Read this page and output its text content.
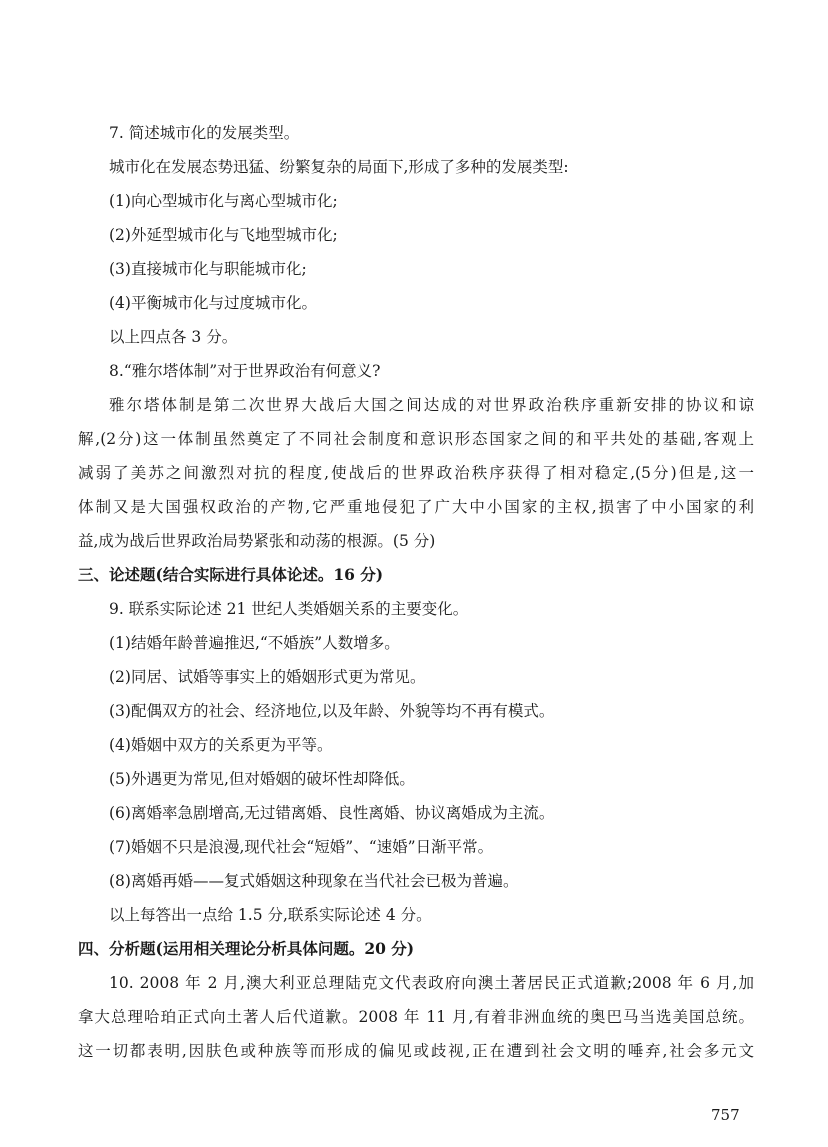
7. 简述城市化的发展类型。
城市化在发展态势迅猛、纷繁复杂的局面下,形成了多种的发展类型:
(1)向心型城市化与离心型城市化;
(2)外延型城市化与飞地型城市化;
(3)直接城市化与职能城市化;
(4)平衡城市化与过度城市化。
以上四点各 3 分。
8.“雅尔塔体制”对于世界政治有何意义?
雅尔塔体制是第二次世界大战后大国之间达成的对世界政治秩序重新安排的协议和谅
解,(2分)这一体制虽然奠定了不同社会制度和意识形态国家之间的和平共处的基础,客观上
减弱了美苏之间激烈对抗的程度,使战后的世界政治秩序获得了相对稳定,(5分)但是,这一
体制又是大国强权政治的产物,它严重地侵犯了广大中小国家的主权,损害了中小国家的利
益,成为战后世界政治局势紧张和动荡的根源。(5 分)
三、论述题(结合实际进行具体论述。16 分)
9. 联系实际论述 21 世纪人类婚姻关系的主要变化。
(1)结婚年龄普遍推迟,“不婚族”人数增多。
(2)同居、试婚等事实上的婚姻形式更为常见。
(3)配偶双方的社会、经济地位,以及年龄、外貌等均不再有模式。
(4)婚姻中双方的关系更为平等。
(5)外遇更为常见,但对婚姻的破坏性却降低。
(6)离婚率急剧增高,无过错离婚、良性离婚、协议离婚成为主流。
(7)婚姻不只是浪漫,现代社会“短婚”、“速婚”日渐平常。
(8)离婚再婚——复式婚姻这种现象在当代社会已极为普遍。
以上每答出一点给 1.5 分,联系实际论述 4 分。
四、分析题(运用相关理论分析具体问题。20 分)
10. 2008 年 2 月,澳大利亚总理陆克文代表政府向澳土著居民正式道歉;2008 年 6 月,加
拿大总理哈珀正式向土著人后代道歉。2008 年 11 月,有着非洲血统的奥巴马当选美国总统。
这一切都表明,因肤色或种族等而形成的偏见或歧视,正在遭到社会文明的唾弃,社会多元文
757
